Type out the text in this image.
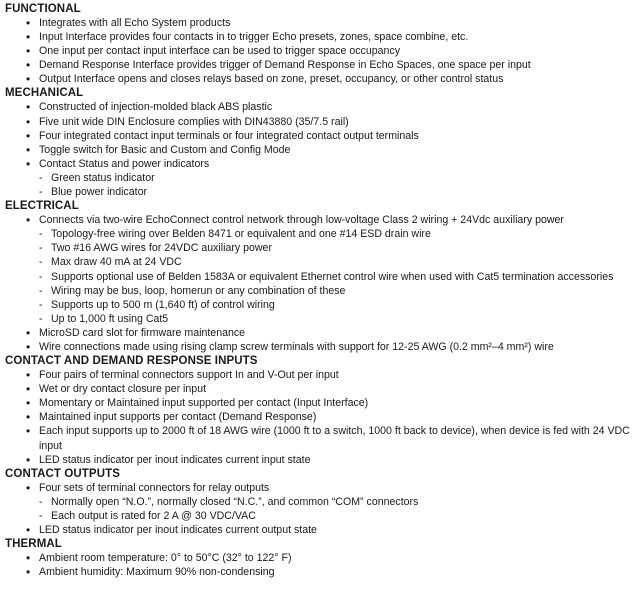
FUNCTIONAL
• Integrates with all Echo System products
• Input Interface provides four contacts in to trigger Echo presets, zones, space combine, etc.
• One input per contact input interface can be used to trigger space occupancy
• Demand Response Interface provides trigger of Demand Response in Echo Spaces, one space per input
• Output Interface opens and closes relays based on zone, preset, occupancy, or other control status
MECHANICAL
• Constructed of injection-molded black ABS plastic
• Five unit wide DIN Enclosure complies with DIN43880 (35/7.5 rail)
• Four integrated contact input terminals or four integrated contact output terminals
• Toggle switch for Basic and Custom and Config Mode
• Contact Status and power indicators
- Green status indicator
- Blue power indicator
ELECTRICAL
• Connects via two-wire EchoConnect control network through low-voltage Class 2 wiring + 24Vdc auxiliary power
- Topology-free wiring over Belden 8471 or equivalent and one #14 ESD drain wire
- Two #16 AWG wires for 24VDC auxiliary power
- Max draw 40 mA at 24 VDC
- Supports optional use of Belden 1583A or equivalent Ethernet control wire when used with Cat5 termination accessories
- Wiring may be bus, loop, homerun or any combination of these
- Supports up to 500 m (1,640 ft) of control wiring
- Up to 1,000 ft using Cat5
• MicroSD card slot for firmware maintenance
• Wire connections made using rising clamp screw terminals with support for 12-25 AWG (0.2 mm²–4 mm²) wire
CONTACT AND DEMAND RESPONSE INPUTS
• Four pairs of terminal connectors support In and V-Out per input
• Wet or dry contact closure per input
• Momentary or Maintained input supported per contact (Input Interface)
• Maintained input supports per contact (Demand Response)
• Each input supports up to 2000 ft of 18 AWG wire (1000 ft to a switch, 1000 ft back to device), when device is fed with 24 VDC input
• LED status indicator per inout indicates current input state
CONTACT OUTPUTS
• Four sets of terminal connectors for relay outputs
- Normally open “N.O.”, normally closed “N.C.”, and common “COM” connectors
- Each output is rated for 2 A @ 30 VDC/VAC
• LED status indicator per inout indicates current output state
THERMAL
• Ambient room temperature: 0° to 50°C (32° to 122° F)
• Ambient humidity: Maximum 90% non-condensing
